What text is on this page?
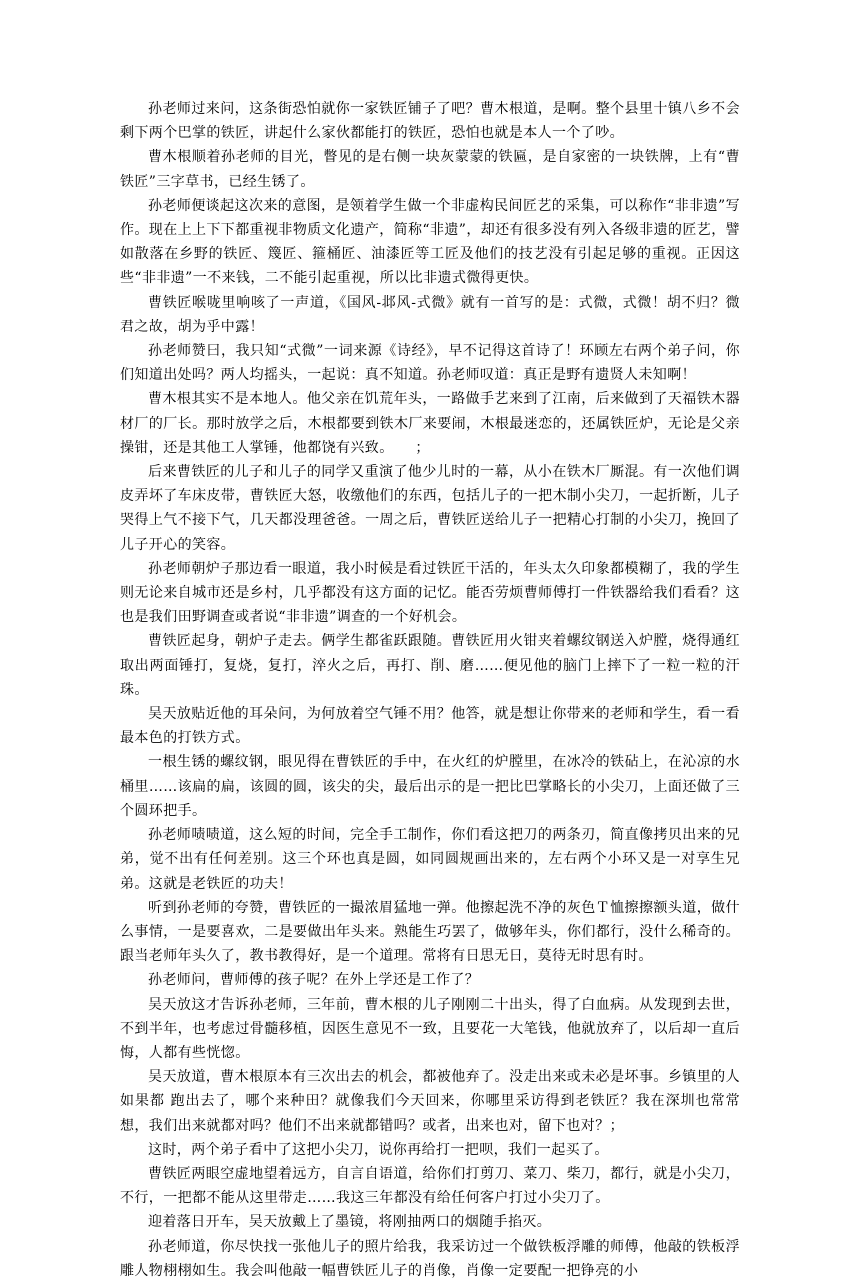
孙老师过来问，这条街恐怕就你一家铁匠铺子了吧？曹木根道，是啊。整个县里十镇八乡不会剩下两个巴掌的铁匠，讲起什么家伙都能打的铁匠，恐怕也就是本人一个了吵。

曹木根顺着孙老师的目光，瞥见的是右侧一块灰蒙蒙的铁匾，是自家密的一块铁牌，上有“曹铁匠”三字草书，已经生锈了。

孙老师便谈起这次来的意图，是领着学生做一个非虚构民间匠艺的采集，可以称作“非非遗”写作。现在上上下下都重视非物质文化遗产，简称“非遗”，却还有很多没有列入各级非遗的匠艺，譬如散落在乡野的铁匠、篾匠、箍桶匠、油漆匠等工匠及他们的技艺没有引起足够的重视。正因这些“非非遗”一不来钱，二不能引起重视，所以比非遗式微得更快。

曹铁匠喉咙里响咳了一声道，《国风-邶风-式微》就有一首写的是：式微，式微！胡不归？微君之故，胡为乎中露！

孙老师赞曰，我只知“式微”一词来源《诗经》，早不记得这首诗了！环顾左右两个弟子问，你们知道出处吗？两人均摇头，一起说：真不知道。孙老师叹道：真正是野有遗贤人未知啊！

曹木根其实不是本地人。他父亲在饥荒年头，一路做手艺来到了江南，后来做到了天福铁木器材厂的厂长。那时放学之后，木根都要到铁木厂来要闹，木根最迷恋的，还属铁匠炉，无论是父亲操钳，还是其他工人掌锤，他都饶有兴致。　　；

后来曹铁匠的儿子和儿子的同学又重演了他少儿时的一幕，从小在铁木厂厮混。有一次他们调皮弄坏了车床皮带，曹铁匠大怒，收缴他们的东西，包括儿子的一把木制小尖刀，一起折断，儿子哭得上气不接下气，几天都没理爸爸。一周之后，曹铁匠送给儿子一把精心打制的小尖刀，挽回了儿子开心的笑容。

孙老师朝炉子那边看一眼道，我小时候是看过铁匠干活的，年头太久印象都模糊了，我的学生则无论来自城市还是乡村，几乎都没有这方面的记忆。能否劳烦曹师傅打一件铁器给我们看看？这也是我们田野调查或者说“非非遗”调查的一个好机会。

曹铁匠起身，朝炉子走去。俩学生都雀跃跟随。曹铁匠用火钳夹着螺纹钢送入炉膛，烧得通红取出两面锤打，复烧，复打，淬火之后，再打、削、磨……便见他的脑门上摔下了一粒一粒的汗珠。

吴天放贴近他的耳朵问，为何放着空气锤不用？他答，就是想让你带来的老师和学生，看一看最本色的打铁方式。

一根生锈的螺纹钢，眼见得在曹铁匠的手中，在火红的炉膛里，在冰冷的铁砧上，在沁凉的水桶里……该扁的扁，该圆的圆，该尖的尖，最后出示的是一把比巴掌略长的小尖刀，上面还做了三个圆环把手。

孙老师啧啧道，这么短的时间，完全手工制作，你们看这把刀的两条刃，简直像拷贝出来的兄弟，觉不出有任何差别。这三个环也真是圆，如同圆规画出来的，左右两个小环又是一对享生兄弟。这就是老铁匠的功夫！

听到孙老师的夸赞，曹铁匠的一撮浓眉猛地一弹。他擦起洗不净的灰色Ｔ恤擦擦额头道，做什么事情，一是要喜欢，二是要做出年头来。熟能生巧罢了，做够年头，你们都行，没什么稀奇的。跟当老师年头久了，教书教得好，是一个道理。常将有日思无日，莫待无时思有时。

孙老师问，曹师傅的孩子呢？在外上学还是工作了？

吴天放这才告诉孙老师，三年前，曹木根的儿子刚刚二十出头，得了白血病。从发现到去世，不到半年，也考虑过骨髓移植，因医生意见不一致，且要花一大笔钱，他就放弃了，以后却一直后悔，人都有些恍惚。

吴天放道，曹木根原本有三次出去的机会，都被他弃了。没走出来或未必是坏事。乡镇里的人如果都 跑出去了，哪个来种田？就像我们今天回来，你哪里采访得到老铁匠？我在深圳也常常想，我们出来就都对吗？他们不出来就都错吗？或者，出来也对，留下也对？；

这时，两个弟子看中了这把小尖刀，说你再给打一把呗，我们一起买了。

曹铁匠两眼空虚地望着远方，自言自语道，给你们打剪刀、菜刀、柴刀，都行，就是小尖刀，不行，一把都不能从这里带走……我这三年都没有给任何客户打过小尖刀了。

迎着落日开车，吴天放戴上了墨镜，将刚抽两口的烟随手掐灭。

孙老师道，你尽快找一张他儿子的照片给我，我采访过一个做铁板浮雕的师傅，他敲的铁板浮雕人物栩栩如生。我会叫他敲一幅曹铁匠儿子的肖像，肖像一定要配一把铮亮的小
